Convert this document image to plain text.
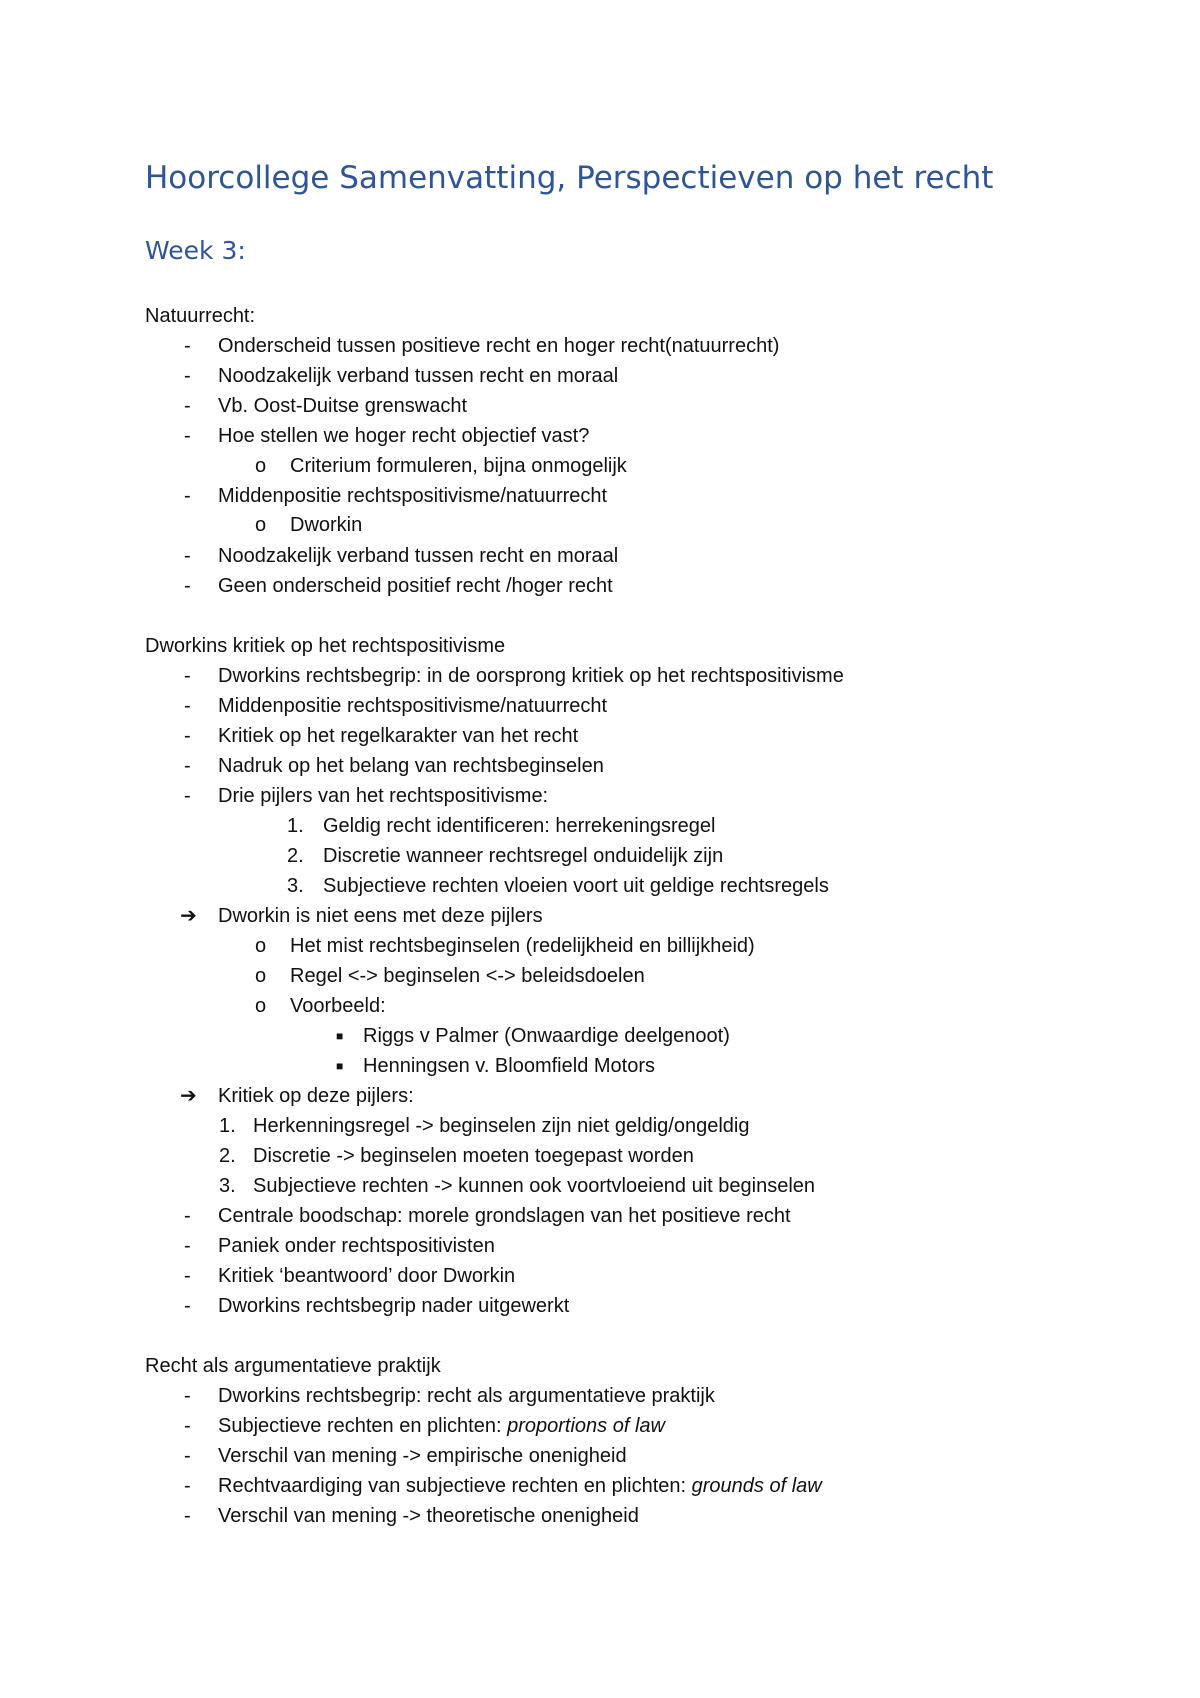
Hoorcollege Samenvatting, Perspectieven op het recht
Week 3:
Natuurrecht:
- Onderscheid tussen positieve recht en hoger recht(natuurrecht)
- Noodzakelijk verband tussen recht en moraal
- Vb. Oost-Duitse grenswacht
- Hoe stellen we hoger recht objectief vast?
o Criterium formuleren, bijna onmogelijk
- Middenpositie rechtspositivisme/natuurrecht
o Dworkin
- Noodzakelijk verband tussen recht en moraal
- Geen onderscheid positief recht /hoger recht
Dworkins kritiek op het rechtspositivisme
- Dworkins rechtsbegrip: in de oorsprong kritiek op het rechtspositivisme
- Middenpositie rechtspositivisme/natuurrecht
- Kritiek op het regelkarakter van het recht
- Nadruk op het belang van rechtsbeginselen
- Drie pijlers van het rechtspositivisme:
1. Geldig recht identificeren: herrekeningsregel
2. Discretie wanneer rechtsregel onduidelijk zijn
3. Subjectieve rechten vloeien voort uit geldige rechtsregels
➔ Dworkin is niet eens met deze pijlers
o Het mist rechtsbeginselen (redelijkheid en billijkheid)
o Regel <-> beginselen <-> beleidsdoelen
o Voorbeeld:
■ Riggs v Palmer (Onwaardige deelgenoot)
■ Henningsen v. Bloomfield Motors
➔ Kritiek op deze pijlers:
1. Herkenningsregel -> beginselen zijn niet geldig/ongeldig
2. Discretie -> beginselen moeten toegepast worden
3. Subjectieve rechten -> kunnen ook voortvloeiend uit beginselen
- Centrale boodschap: morele grondslagen van het positieve recht
- Paniek onder rechtspositivisten
- Kritiek ‘beantwoord’ door Dworkin
- Dworkins rechtsbegrip nader uitgewerkt
Recht als argumentatieve praktijk
- Dworkins rechtsbegrip: recht als argumentatieve praktijk
- Subjectieve rechten en plichten: proportions of law
- Verschil van mening -> empirische onenigheid
- Rechtvaardiging van subjectieve rechten en plichten: grounds of law
- Verschil van mening -> theoretische onenigheid
